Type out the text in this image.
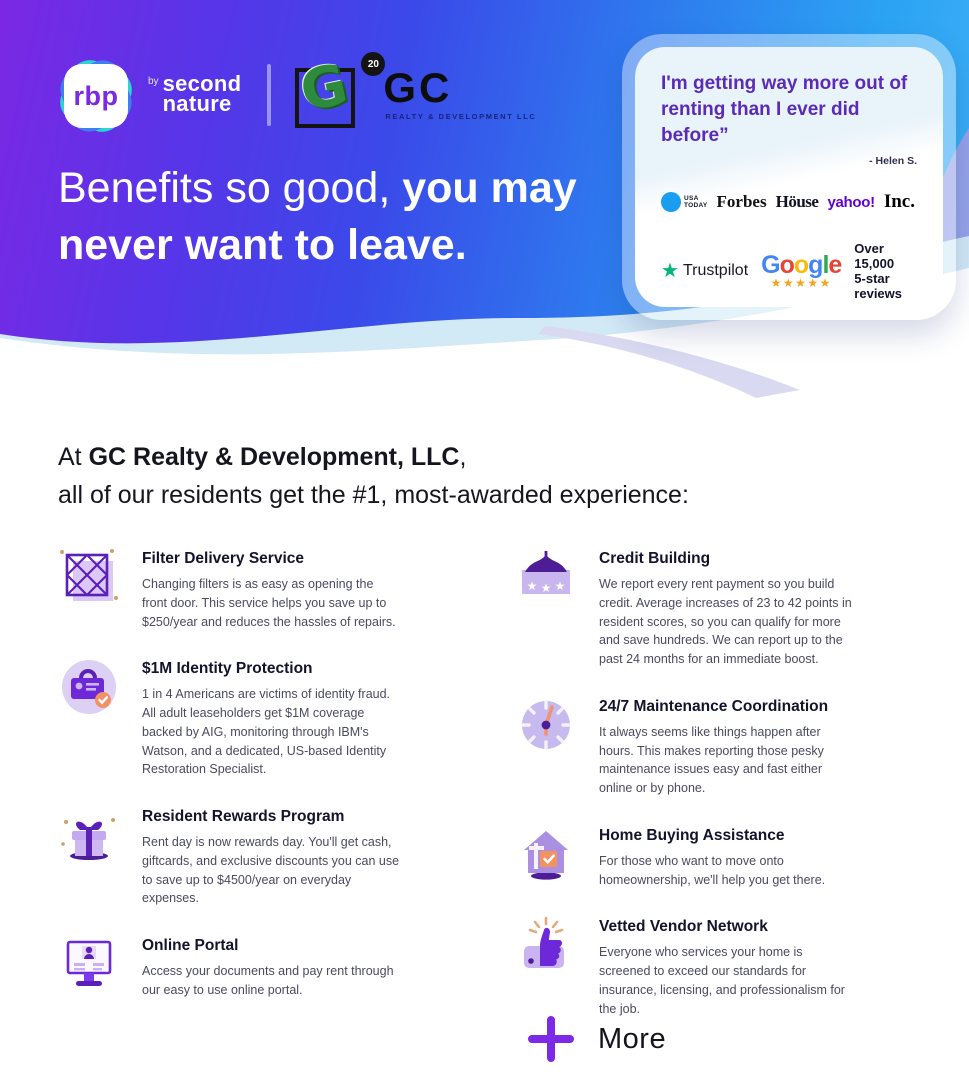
rbp	by second
nature G	20 GC
REALTY & DEVELOPMENT LLC
Benefits so good, you may
never want to leave.
I'm getting way more out of
renting than I ever did before”
- Helen S.
USA
TODAY Forbes Höuse yahoo! Inc.
★ Trustpilot Google
★★★★★
Over 15,000
5-star reviews
At GC Realty & Development, LLC,
all of our residents get the #1, most-awarded experience:
Filter Delivery Service
Changing filters is as easy as opening the front door. This service helps you save up to $250/year and reduces the hassles of repairs.
$1M Identity Protection
1 in 4 Americans are victims of identity fraud. All adult leaseholders get $1M coverage backed by AIG, monitoring through IBM's Watson, and a dedicated, US-based Identity Restoration Specialist.
Resident Rewards Program
Rent day is now rewards day. You'll get cash, giftcards, and exclusive discounts you can use to save up to $4500/year on everyday expenses.
Online Portal
Access your documents and pay rent through our easy to use online portal.
★ ★ ★
Credit Building
We report every rent payment so you build credit. Average increases of 23 to 42 points in resident scores, so you can qualify for more and save hundreds. We can report up to the past 24 months for an immediate boost.
24/7 Maintenance Coordination
It always seems like things happen after hours. This makes reporting those pesky maintenance issues easy and fast either online or by phone.
Home Buying Assistance
For those who want to move onto homeownership, we'll help you get there.
Vetted Vendor Network
Everyone who services your home is screened to exceed our standards for insurance, licensing, and professionalism for the job.
More
